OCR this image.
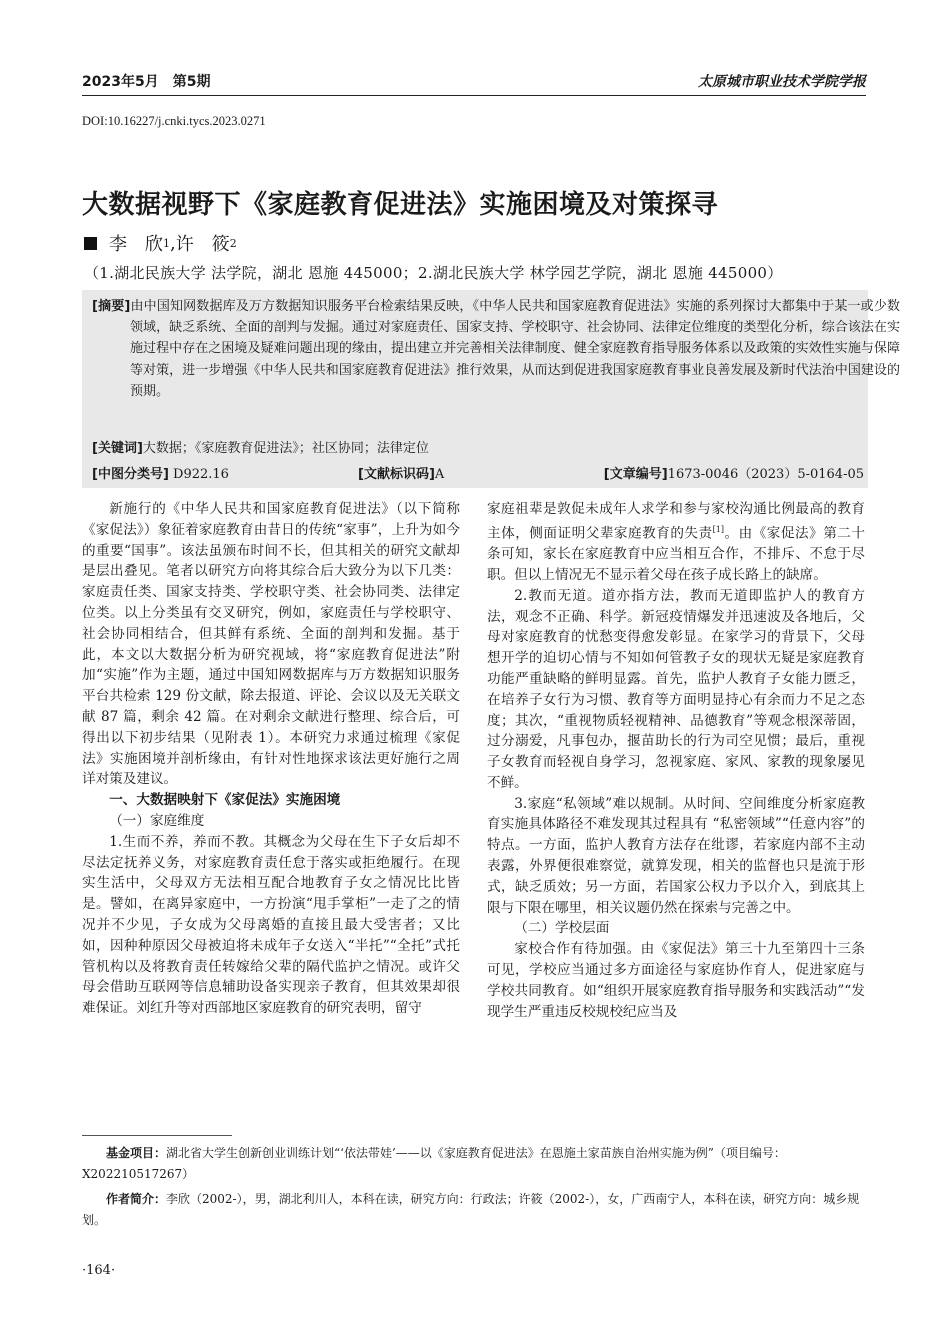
2023年5月　第5期	太原城市职业技术学院学报
DOI:10.16227/j.cnki.tycs.2023.0271
大数据视野下《家庭教育促进法》实施困境及对策探寻
李　欣 1 , 许　筱 2
（1.湖北民族大学 法学院，湖北 恩施 445000；2.湖北民族大学 林学园艺学院，湖北 恩施 445000）
[摘要]由中国知网数据库及万方数据知识服务平台检索结果反映，《中华人民共和国家庭教育促进法》实施的系列探讨大都集中于某一或少数领域，缺乏系统、全面的剖判与发掘。通过对家庭责任、国家支持、学校职守、社会协同、法律定位维度的类型化分析，综合该法在实施过程中存在之困境及疑难问题出现的缘由，提出建立并完善相关法律制度、健全家庭教育指导服务体系以及政策的实效性实施与保障等对策，进一步增强《中华人民共和国家庭教育促进法》推行效果，从而达到促进我国家庭教育事业良善发展及新时代法治中国建设的预期。
[关键词]大数据；《家庭教育促进法》；社区协同；法律定位
[中图分类号] D922.16	[文献标识码]A	[文章编号]1673-0046（2023）5-0164-05

新施行的《中华人民共和国家庭教育促进法》（以下简称《家促法》）象征着家庭教育由昔日的传统“家事”，上升为如今的重要“国事”。该法虽颁布时间不长，但其相关的研究文献却是层出叠见。笔者以研究方向将其综合后大致分为以下几类：家庭责任类、国家支持类、学校职守类、社会协同类、法律定位类。以上分类虽有交叉研究，例如，家庭责任与学校职守、社会协同相结合，但其鲜有系统、全面的剖判和发掘。基于此，本文以大数据分析为研究视域，将“家庭教育促进法”附加“实施”作为主题，通过中国知网数据库与万方数据知识服务平台共检索 129 份文献，除去报道、评论、会议以及无关联文献 87 篇，剩余 42 篇。在对剩余文献进行整理、综合后，可得出以下初步结果（见附表 1）。本研究力求通过梳理《家促法》实施困境并剖析缘由，有针对性地探求该法更好施行之周详对策及建议。

一、大数据映射下《家促法》实施困境
（一）家庭维度

1.生而不养，养而不教。其概念为父母在生下子女后却不尽法定抚养义务，对家庭教育责任怠于落实或拒绝履行。在现实生活中，父母双方无法相互配合地教育子女之情况比比皆是。譬如，在离异家庭中，一方扮演“甩手掌柜”一走了之的情况并不少见，子女成为父母离婚的直接且最大受害者；又比如，因种种原因父母被迫将未成年子女送入“半托”“全托”式托管机构以及将教育责任转嫁给父辈的隔代监护之情况。或许父母会借助互联网等信息辅助设备实现亲子教育，但其效果却很难保证。刘红升等对西部地区家庭教育的研究表明，留守

家庭祖辈是敦促未成年人求学和参与家校沟通比例最高的教育主体，侧面证明父辈家庭教育的失责[1]。由《家促法》第二十条可知，家长在家庭教育中应当相互合作，不排斥、不怠于尽职。但以上情况无不显示着父母在孩子成长路上的缺席。

2.教而无道。道亦指方法，教而无道即监护人的教育方法，观念不正确、科学。新冠疫情爆发并迅速波及各地后，父母对家庭教育的忧愁变得愈发彰显。在家学习的背景下，父母想开学的迫切心情与不知如何管教子女的现状无疑是家庭教育功能严重缺略的鲜明显露。首先，监护人教育子女能力匮乏，在培养子女行为习惯、教育等方面明显持心有余而力不足之态度；其次，“重视物质轻视精神、品德教育”等观念根深蒂固，过分溺爱，凡事包办，揠苗助长的行为司空见惯；最后，重视子女教育而轻视自身学习，忽视家庭、家风、家教的现象屡见不鲜。

3.家庭“私领域”难以规制。从时间、空间维度分析家庭教育实施具体路径不难发现其过程具有 “私密领域”“任意内容”的特点。一方面，监护人教育方法存在纰谬，若家庭内部不主动表露，外界便很难察觉，就算发现，相关的监督也只是流于形式，缺乏质效；另一方面，若国家公权力予以介入，到底其上限与下限在哪里，相关议题仍然在探索与完善之中。

（二）学校层面

家校合作有待加强。由《家促法》第三十九至第四十三条可见，学校应当通过多方面途径与家庭协作育人，促进家庭与学校共同教育。如“组织开展家庭教育指导服务和实践活动”“发现学生严重违反校规校纪应当及

基金项目：湖北省大学生创新创业训练计划“‘依法带娃’——以《家庭教育促进法》在恩施土家苗族自治州实施为例”（项目编号：X202210517267）

作者简介：李欣（2002-），男，湖北利川人，本科在读，研究方向：行政法；许筱（2002-），女，广西南宁人，本科在读，研究方向：城乡规划。

·164·
